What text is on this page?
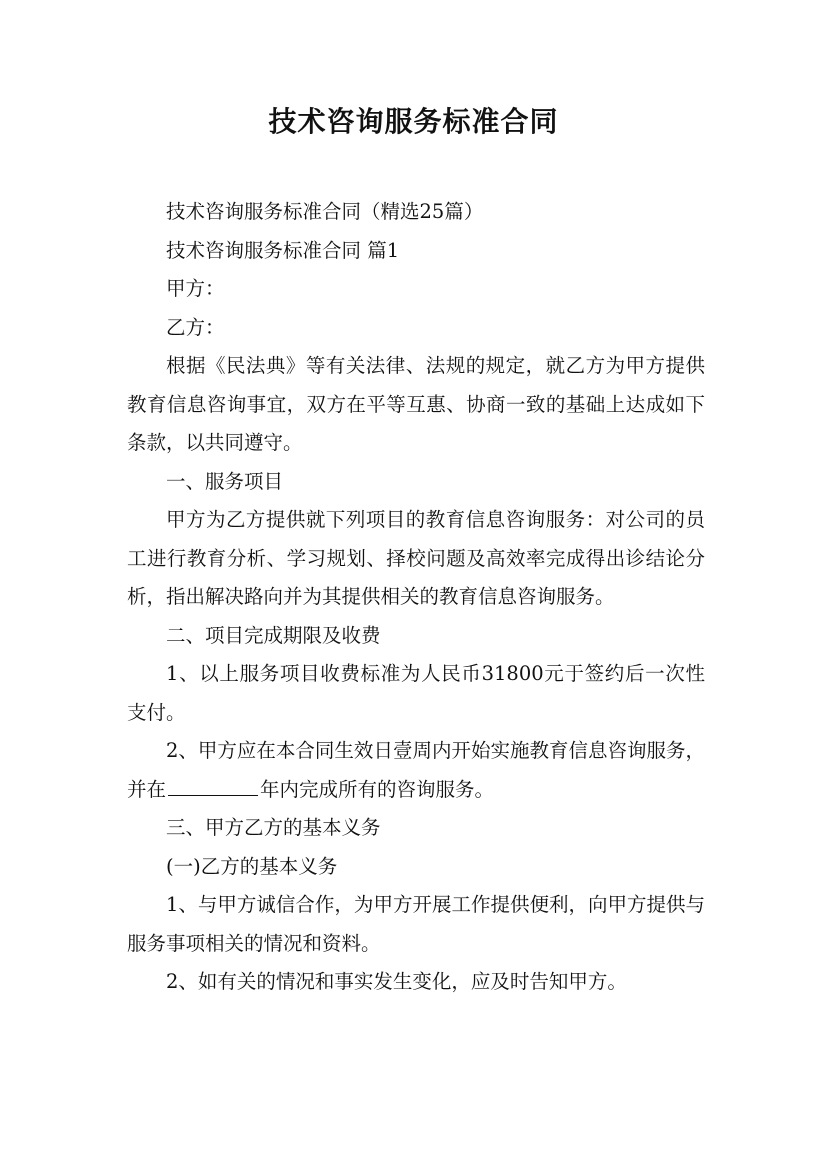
技术咨询服务标准合同

技术咨询服务标准合同（精选25篇）

技术咨询服务标准合同 篇1

甲方：

乙方：

根据《民法典》等有关法律、法规的规定，就乙方为甲方提供教育信息咨询事宜，双方在平等互惠、协商一致的基础上达成如下条款，以共同遵守。

一、服务项目

甲方为乙方提供就下列项目的教育信息咨询服务：对公司的员工进行教育分析、学习规划、择校问题及高效率完成得出诊结论分析，指出解决路向并为其提供相关的教育信息咨询服务。

二、项目完成期限及收费

1、以上服务项目收费标准为人民币31800元于签约后一次性支付。

2、甲方应在本合同生效日壹周内开始实施教育信息咨询服务，并在	年内完成所有的咨询服务。

三、甲方乙方的基本义务

(一)乙方的基本义务

1、与甲方诚信合作，为甲方开展工作提供便利，向甲方提供与服务事项相关的情况和资料。

2、如有关的情况和事实发生变化，应及时告知甲方。
